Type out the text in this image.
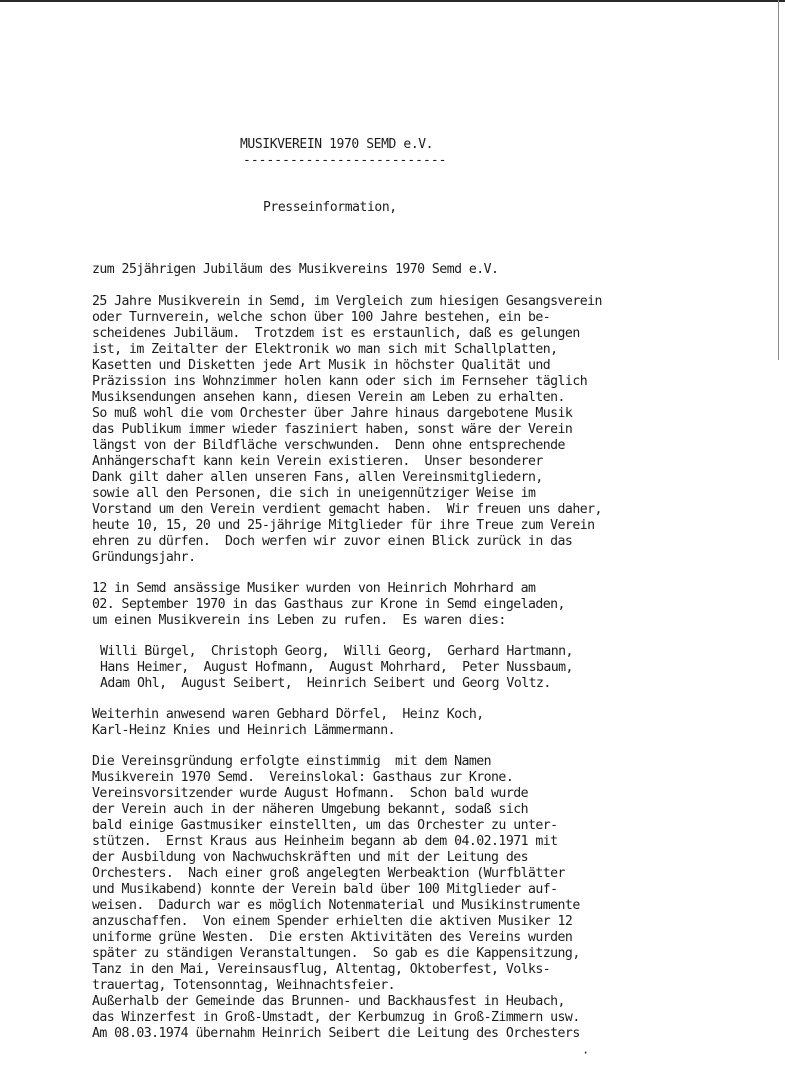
MUSIKVEREIN 1970 SEMD e.V.
--------------------------
Presseinformation,
zum 25jährigen Jubiläum des Musikvereins 1970 Semd e.V.
25 Jahre Musikverein in Semd, im Vergleich zum hiesigen Gesangsverein
oder Turnverein, welche schon über 100 Jahre bestehen, ein be-
scheidenes Jubiläum.  Trotzdem ist es erstaunlich, daß es gelungen
ist, im Zeitalter der Elektronik wo man sich mit Schallplatten,
Kasetten und Disketten jede Art Musik in höchster Qualität und
Präzission ins Wohnzimmer holen kann oder sich im Fernseher täglich
Musiksendungen ansehen kann, diesen Verein am Leben zu erhalten.
So muß wohl die vom Orchester über Jahre hinaus dargebotene Musik
das Publikum immer wieder fasziniert haben, sonst wäre der Verein
längst von der Bildfläche verschwunden.  Denn ohne entsprechende
Anhängerschaft kann kein Verein existieren.  Unser besonderer
Dank gilt daher allen unseren Fans, allen Vereinsmitgliedern,
sowie all den Personen, die sich in uneigennütziger Weise im
Vorstand um den Verein verdient gemacht haben.  Wir freuen uns daher,
heute 10, 15, 20 und 25-jährige Mitglieder für ihre Treue zum Verein
ehren zu dürfen.  Doch werfen wir zuvor einen Blick zurück in das
Gründungsjahr.
12 in Semd ansässige Musiker wurden von Heinrich Mohrhard am
02. September 1970 in das Gasthaus zur Krone in Semd eingeladen,
um einen Musikverein ins Leben zu rufen.  Es waren dies:
Willi Bürgel,  Christoph Georg,  Willi Georg,  Gerhard Hartmann,
Hans Heimer,  August Hofmann,  August Mohrhard,  Peter Nussbaum,
Adam Ohl,  August Seibert,  Heinrich Seibert und Georg Voltz.
Weiterhin anwesend waren Gebhard Dörfel,  Heinz Koch,
Karl-Heinz Knies und Heinrich Lämmermann.
Die Vereinsgründung erfolgte einstimmig  mit dem Namen
Musikverein 1970 Semd.  Vereinslokal: Gasthaus zur Krone.
Vereinsvorsitzender wurde August Hofmann.  Schon bald wurde
der Verein auch in der näheren Umgebung bekannt, sodaß sich
bald einige Gastmusiker einstellten, um das Orchester zu unter-
stützen.  Ernst Kraus aus Heinheim begann ab dem 04.02.1971 mit
der Ausbildung von Nachwuchskräften und mit der Leitung des
Orchesters.  Nach einer groß angelegten Werbeaktion (Wurfblätter
und Musikabend) konnte der Verein bald über 100 Mitglieder auf-
weisen.  Dadurch war es möglich Notenmaterial und Musikinstrumente
anzuschaffen.  Von einem Spender erhielten die aktiven Musiker 12
uniforme grüne Westen.  Die ersten Aktivitäten des Vereins wurden
später zu ständigen Veranstaltungen.  So gab es die Kappensitzung,
Tanz in den Mai, Vereinsausflug, Altentag, Oktoberfest, Volks-
trauertag, Totensonntag, Weihnachtsfeier.
Außerhalb der Gemeinde das Brunnen- und Backhausfest in Heubach,
das Winzerfest in Groß-Umstadt, der Kerbumzug in Groß-Zimmern usw.
Am 08.03.1974 übernahm Heinrich Seibert die Leitung des Orchesters
·
